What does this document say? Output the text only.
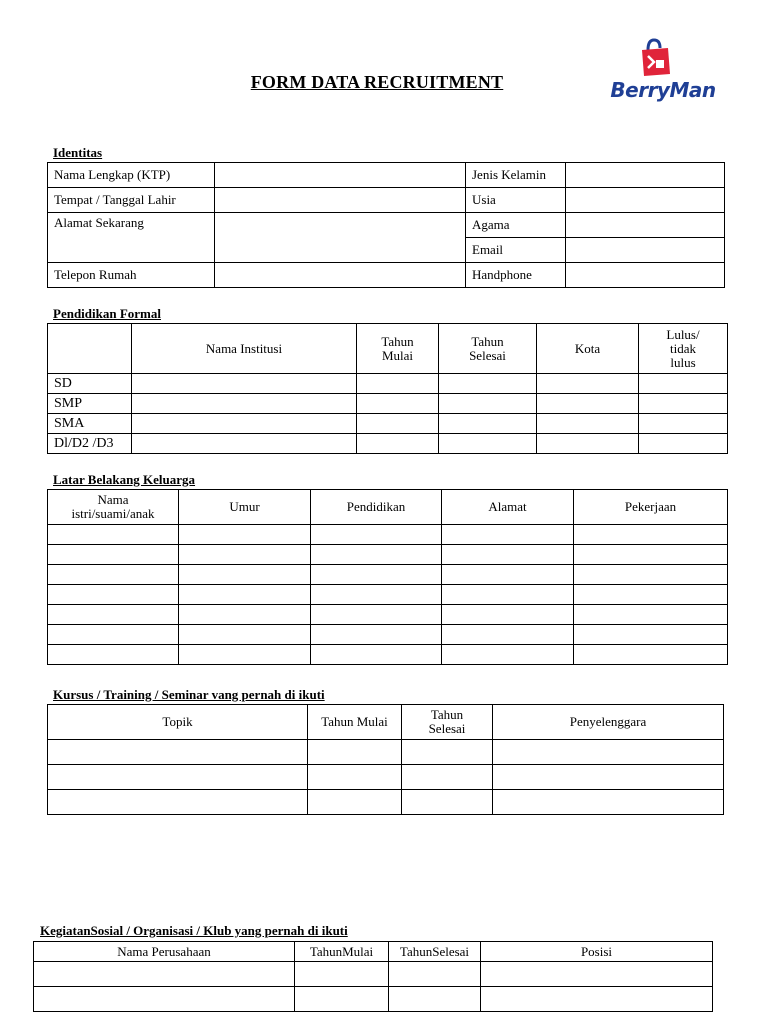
FORM DATA RECRUITMENT	BerryMan
Identitas
Nama Lengkap (KTP)		Jenis Kelamin	
Tempat / Tanggal Lahir		Usia	
Alamat Sekarang		Agama	
		Email	
Telepon Rumah		Handphone	
Pendidikan Formal
	Nama Institusi	Tahun Mulai	Tahun Selesai	Kota	Lulus/ tidak lulus
SD					
SMP					
SMA					
Dl/D2 /D3					
Latar Belakang Keluarga
Nama istri/suami/anak	Umur	Pendidikan	Alamat	Pekerjaan

Kursus / Training / Seminar vang pernah di ikuti
Topik	Tahun Mulai	Tahun Selesai	Penyelenggara

KegiatanSosial / Organisasi / Klub yang pernah di ikuti
Nama Perusahaan	TahunMulai	TahunSelesai	Posisi
